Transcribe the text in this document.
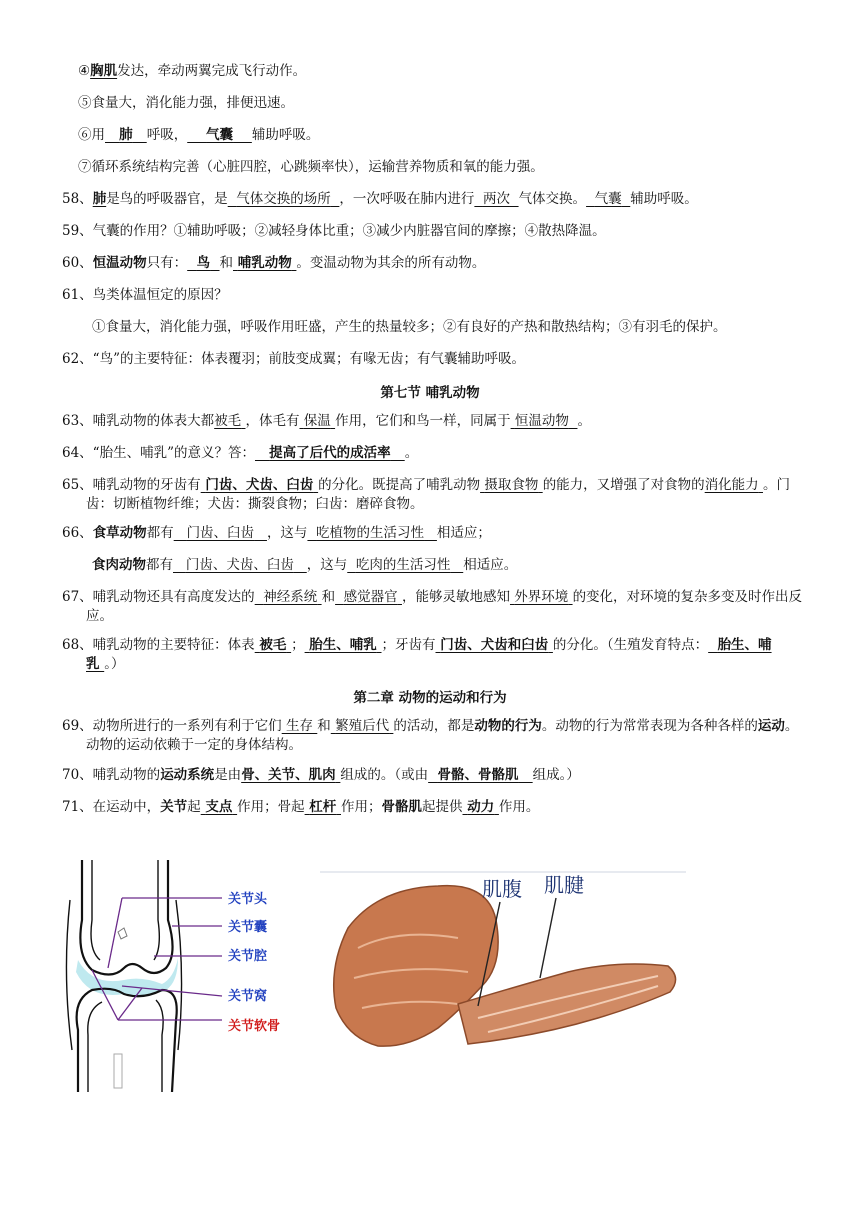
④胸肌发达，牵动两翼完成飞行动作。
⑤食量大，消化能力强，排便迅速。
⑥用 肺 呼吸， 气囊 辅助呼吸。
⑦循环系统结构完善（心脏四腔，心跳频率快），运输营养物质和氧的能力强。
58、肺是鸟的呼吸器官，是 气体交换的场所 ，一次呼吸在肺内进行 两次 气体交换。 气囊 辅助呼吸。
59、气囊的作用？①辅助呼吸；②减轻身体比重；③减少内脏器官间的摩擦；④散热降温。
60、恒温动物只有： 鸟 和 哺乳动物 。变温动物为其余的所有动物。
61、鸟类体温恒定的原因？
①食量大，消化能力强，呼吸作用旺盛，产生的热量较多；②有良好的产热和散热结构；③有羽毛的保护。
62、“鸟”的主要特征：体表覆羽；前肢变成翼；有喙无齿；有气囊辅助呼吸。
第七节 哺乳动物
63、哺乳动物的体表大都被毛 ，体毛有 保温 作用，它们和鸟一样，同属于 恒温动物 。
64、“胎生、哺乳”的意义？答： 提高了后代的成活率 。
65、哺乳动物的牙齿有 门齿、犬齿、臼齿 的分化。既提高了哺乳动物 摄取食物 的能力，又增强了对食物的消化能力 。门齿：切断植物纤维；犬齿：撕裂食物；臼齿：磨碎食物。
66、食草动物都有 门齿、臼齿 ，这与 吃植物的生活习性 相适应；
食肉动物都有 门齿、犬齿、臼齿 ，这与 吃肉的生活习性 相适应。
67、哺乳动物还具有高度发达的 神经系统 和 感觉器官 ，能够灵敏地感知 外界环境 的变化，对环境的复杂多变及时作出反应。
68、哺乳动物的主要特征：体表 被毛 ； 胎生、哺乳 ；牙齿有 门齿、犬齿和臼齿 的分化。（生殖发育特点： 胎生、哺乳 。）
第二章 动物的运动和行为
69、动物所进行的一系列有利于它们 生存 和 繁殖后代 的活动，都是动物的行为。动物的行为常常表现为各种各样的运动。动物的运动依赖于一定的身体结构。
70、哺乳动物的运动系统是由骨、关节、肌肉 组成的。（或由 骨骼、骨骼肌 组成。）
71、在运动中，关节起 支点 作用；骨起 杠杆 作用；骨骼肌起提供 动力 作用。
关节头
关节囊
关节腔
关节窝
关节软骨
肌腹 肌腱
